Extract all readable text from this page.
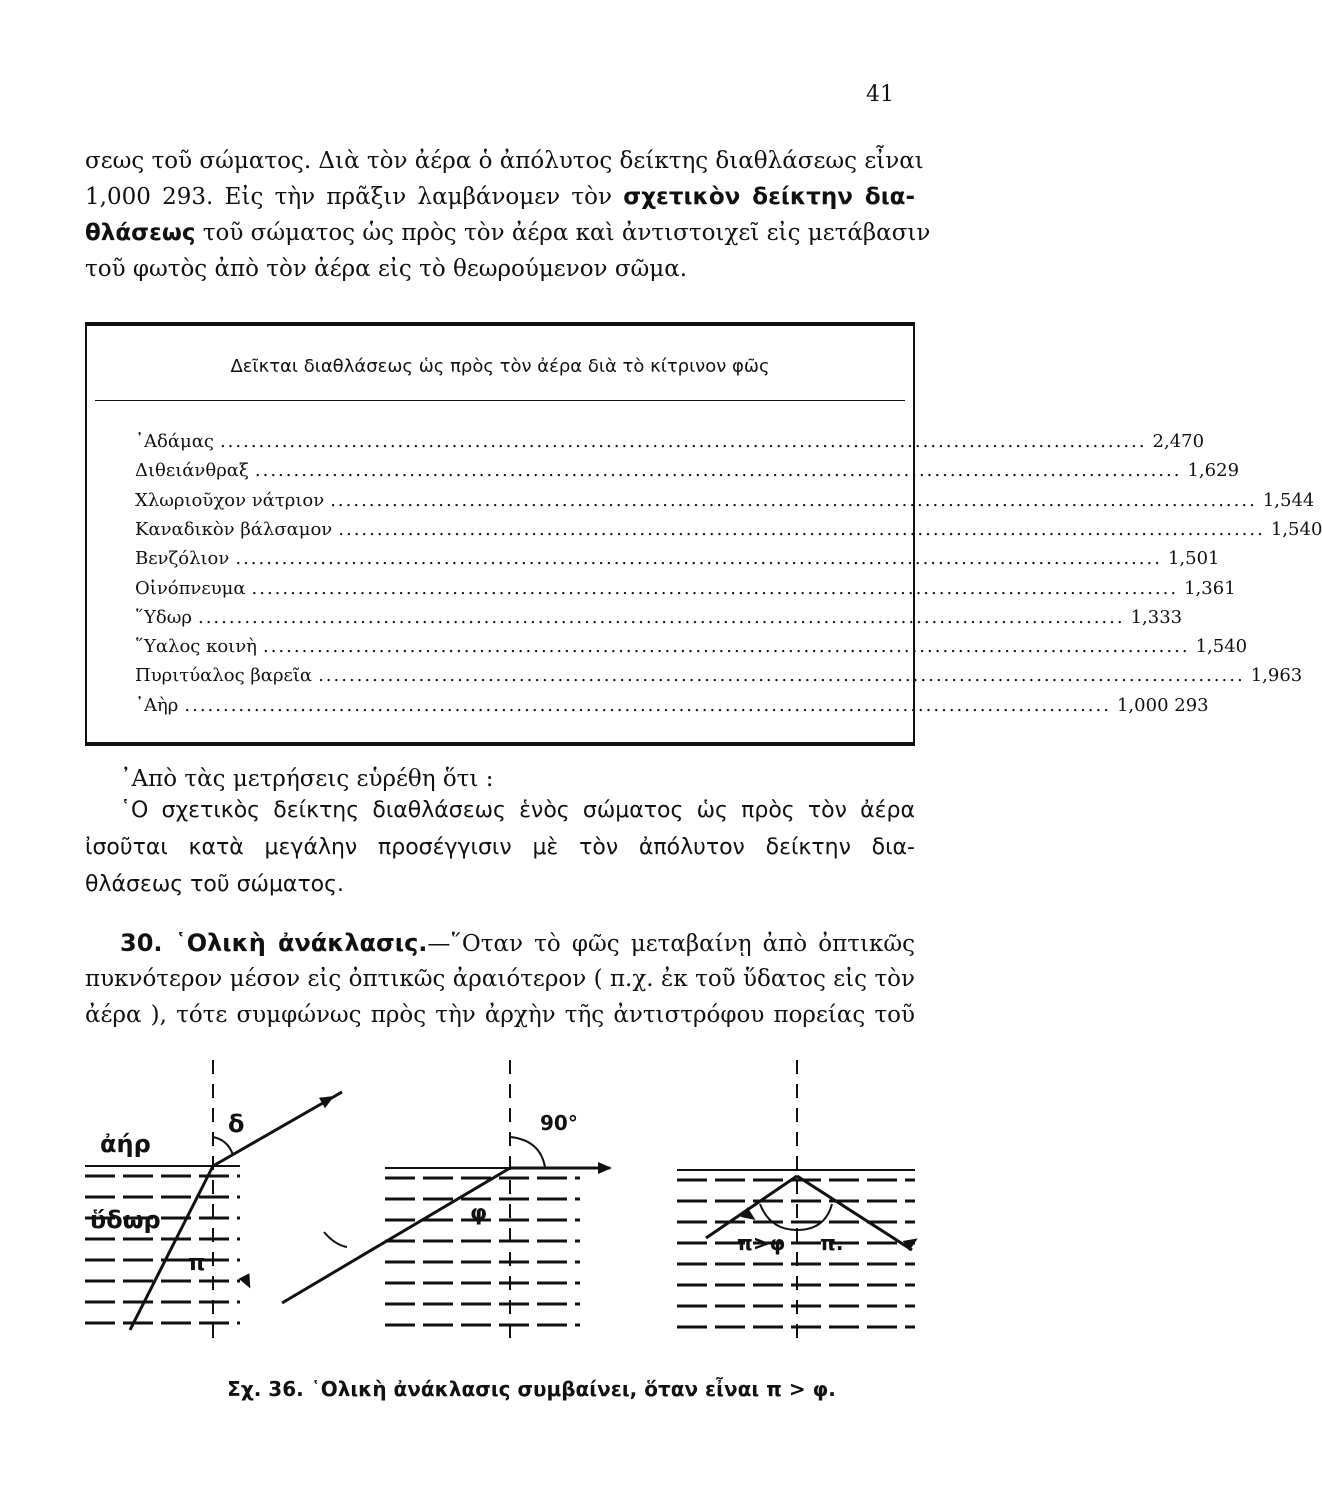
41
σεως τοῦ σώματος. Διὰ τὸν ἀέρα ὁ ἀπόλυτος δείκτης διαθλάσεως εἶναι
1,000 293. Εἰς τὴν πρᾶξιν λαμβάνομεν τὸν σχετικὸν δείκτην δια-
θλάσεως τοῦ σώματος ὡς πρὸς τὸν ἀέρα καὶ ἀντιστοιχεῖ εἰς μετάβασιν
τοῦ φωτὸς ἀπὸ τὸν ἀέρα εἰς τὸ θεωρούμενον σῶμα.
Δεῖκται διαθλάσεως ὡς πρὸς τὸν ἀέρα διὰ τὸ κίτρινον φῶς
᾿Αδάμας ........................................................................................................................ 2,470
Διθειάνθραξ ........................................................................................................................ 1,629
Χλωριοῦχον νάτριον ........................................................................................................................ 1,544
Καναδικὸν βάλσαμον ........................................................................................................................ 1,540
Βενζόλιον ........................................................................................................................ 1,501
Οἰνόπνευμα ........................................................................................................................ 1,361
῞Υδωρ ........................................................................................................................ 1,333
῞Υαλος κοινὴ ........................................................................................................................ 1,540
Πυριτύαλος βαρεῖα ........................................................................................................................ 1,963
᾿Αὴρ ........................................................................................................................ 1,000 293
᾿Απὸ τὰς μετρήσεις εὑρέθη ὅτι :
῾Ο σχετικὸς δείκτης διαθλάσεως ἑνὸς σώματος ὡς πρὸς τὸν ἀέρα
ἰσοῦται κατὰ μεγάλην προσέγγισιν μὲ τὸν ἀπόλυτον δείκτην δια-
θλάσεως τοῦ σώματος.
30. ῾Ολικὴ ἀνάκλασις.—῞Οταν τὸ φῶς μεταβαίνῃ ἀπὸ ὀπτικῶς
πυκνότερον μέσον εἰς ὀπτικῶς ἀραιότερον ( π.χ. ἐκ τοῦ ὕδατος εἰς τὸν
ἀέρα ), τότε συμφώνως πρὸς τὴν ἀρχὴν τῆς ἀντιστρόφου πορείας τοῦ
ἀήρ
ὕδωρ
δ
π
90°
φ
π>φ π.
Σχ. 36. ῾Ολικὴ ἀνάκλασις συμβαίνει, ὅταν εἶναι π > φ.
